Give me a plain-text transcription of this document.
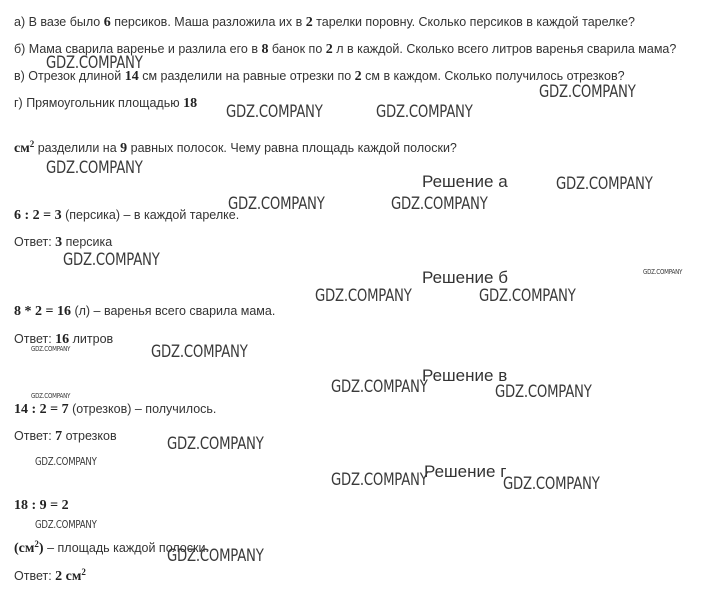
а) В вазе было 6 персиков. Маша разложила их в 2 тарелки поровну. Сколько персиков в каждой тарелке?
б) Мама сварила варенье и разлила его в 8 банок по 2 л в каждой. Сколько всего литров варенья сварила мама?
в) Отрезок длиной 14 см разделили на равные отрезки по 2 см в каждом. Сколько получилось отрезков?
г) Прямоугольник площадью 18
$см^2$ разделили на 9 равных полосок. Чему равна площадь каждой полоски?
Решение а
6 : 2 = 3 (персика) – в каждой тарелке.
Ответ: 3 персика
Решение б
8 * 2 = 16 (л) – варенья всего сварила мама.
Ответ: 16 литров
Решение в
14 : 2 = 7 (отрезков) – получилось.
Ответ: 7 отрезков
Решение г
18 : 9 = 2
$(см^2)$ – площадь каждой полоски.
Ответ: 2 $см^2$
GDZ.COMPANY
GDZ.COMPANY
GDZ.COMPANY	GDZ.COMPANY
GDZ.COMPANY
GDZ.COMPANY
GDZ.COMPANY	GDZ.COMPANY
GDZ.COMPANY
GDZ.COMPANY
GDZ.COMPANY	GDZ.COMPANY
GDZ.COMPANY	GDZ.COMPANY
GDZ.COMPANY
GDZ.COMPANY	GDZ.COMPANY
GDZ.COMPANY
GDZ.COMPANY
GDZ.COMPANY	GDZ.COMPANY
GDZ.COMPANY
GDZ.COMPANY
